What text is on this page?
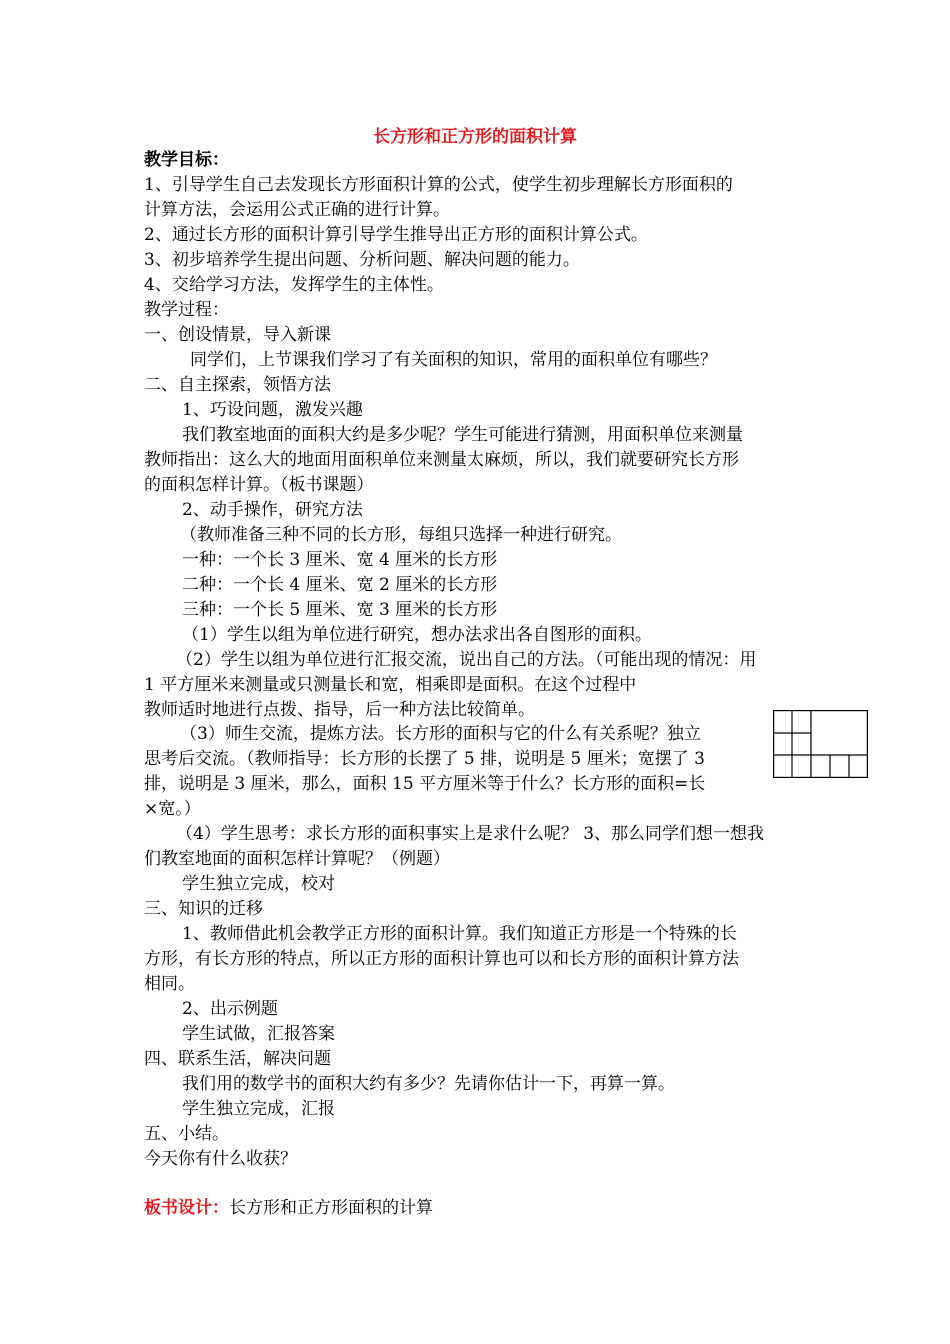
长方形和正方形的面积计算
教学目标：
1、引导学生自己去发现长方形面积计算的公式，使学生初步理解长方形面积的
计算方法，会运用公式正确的进行计算。
2、通过长方形的面积计算引导学生推导出正方形的面积计算公式。
3、初步培养学生提出问题、分析问题、解决问题的能力。
4、交给学习方法，发挥学生的主体性。
教学过程：
一、创设情景，导入新课
同学们，上节课我们学习了有关面积的知识，常用的面积单位有哪些？
二、自主探索，领悟方法
1、巧设问题，激发兴趣
我们教室地面的面积大约是多少呢？学生可能进行猜测，用面积单位来测量
教师指出：这么大的地面用面积单位来测量太麻烦，所以，我们就要研究长方形
的面积怎样计算。（板书课题）
2、动手操作，研究方法
（教师准备三种不同的长方形，每组只选择一种进行研究。
一种：一个长 3 厘米、宽 4 厘米的长方形
二种：一个长 4 厘米、宽 2 厘米的长方形
三种：一个长 5 厘米、宽 3 厘米的长方形
（1）学生以组为单位进行研究，想办法求出各自图形的面积。
（2）学生以组为单位进行汇报交流，说出自己的方法。（可能出现的情况：用
1 平方厘米来测量或只测量长和宽，相乘即是面积。在这个过程中
教师适时地进行点拨、指导，后一种方法比较简单。
（3）师生交流，提炼方法。长方形的面积与它的什么有关系呢？独立
思考后交流。（教师指导：长方形的长摆了 5 排，说明是 5 厘米；宽摆了 3
排，说明是 3 厘米，那么，面积 15 平方厘米等于什么？长方形的面积=长
×宽。）
（4）学生思考：求长方形的面积事实上是求什么呢？ 3、那么同学们想一想我
们教室地面的面积怎样计算呢？（例题）
学生独立完成，校对
三、知识的迁移
1、教师借此机会教学正方形的面积计算。我们知道正方形是一个特殊的长
方形，有长方形的特点，所以正方形的面积计算也可以和长方形的面积计算方法
相同。
2、出示例题
学生试做，汇报答案
四、联系生活，解决问题
我们用的数学书的面积大约有多少？先请你估计一下，再算一算。
学生独立完成，汇报
五、小结。
今天你有什么收获？
板书设计：长方形和正方形面积的计算
